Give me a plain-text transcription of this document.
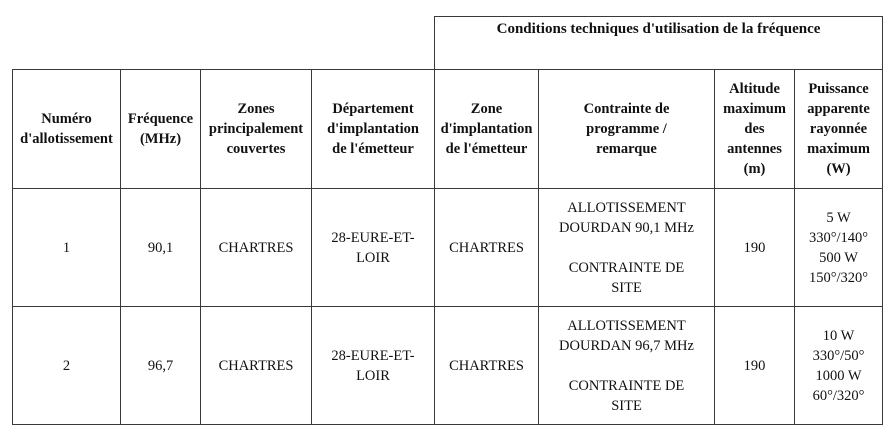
				Conditions techniques d'utilisation de la fréquence			

Numéro
d'allotissement	Fréquence
(MHz)	Zones
principalement
couvertes	Département
d'implantation
de l'émetteur	Zone
d'implantation
de l'émetteur	Contrainte de
programme /
remarque	Altitude
maximum
des
antennes
(m)	Puissance
apparente
rayonnée
maximum
(W)

1	90,1	CHARTRES	28-EURE-ET-
LOIR	CHARTRES	ALLOTISSEMENT
DOURDAN 90,1 MHz
CONTRAINTE DE
SITE	190	5 W
330°/140°
500 W
150°/320°

2	96,7	CHARTRES	28-EURE-ET-
LOIR	CHARTRES	ALLOTISSEMENT
DOURDAN 96,7 MHz
CONTRAINTE DE
SITE	190	10 W
330°/50°
1000 W
60°/320°
